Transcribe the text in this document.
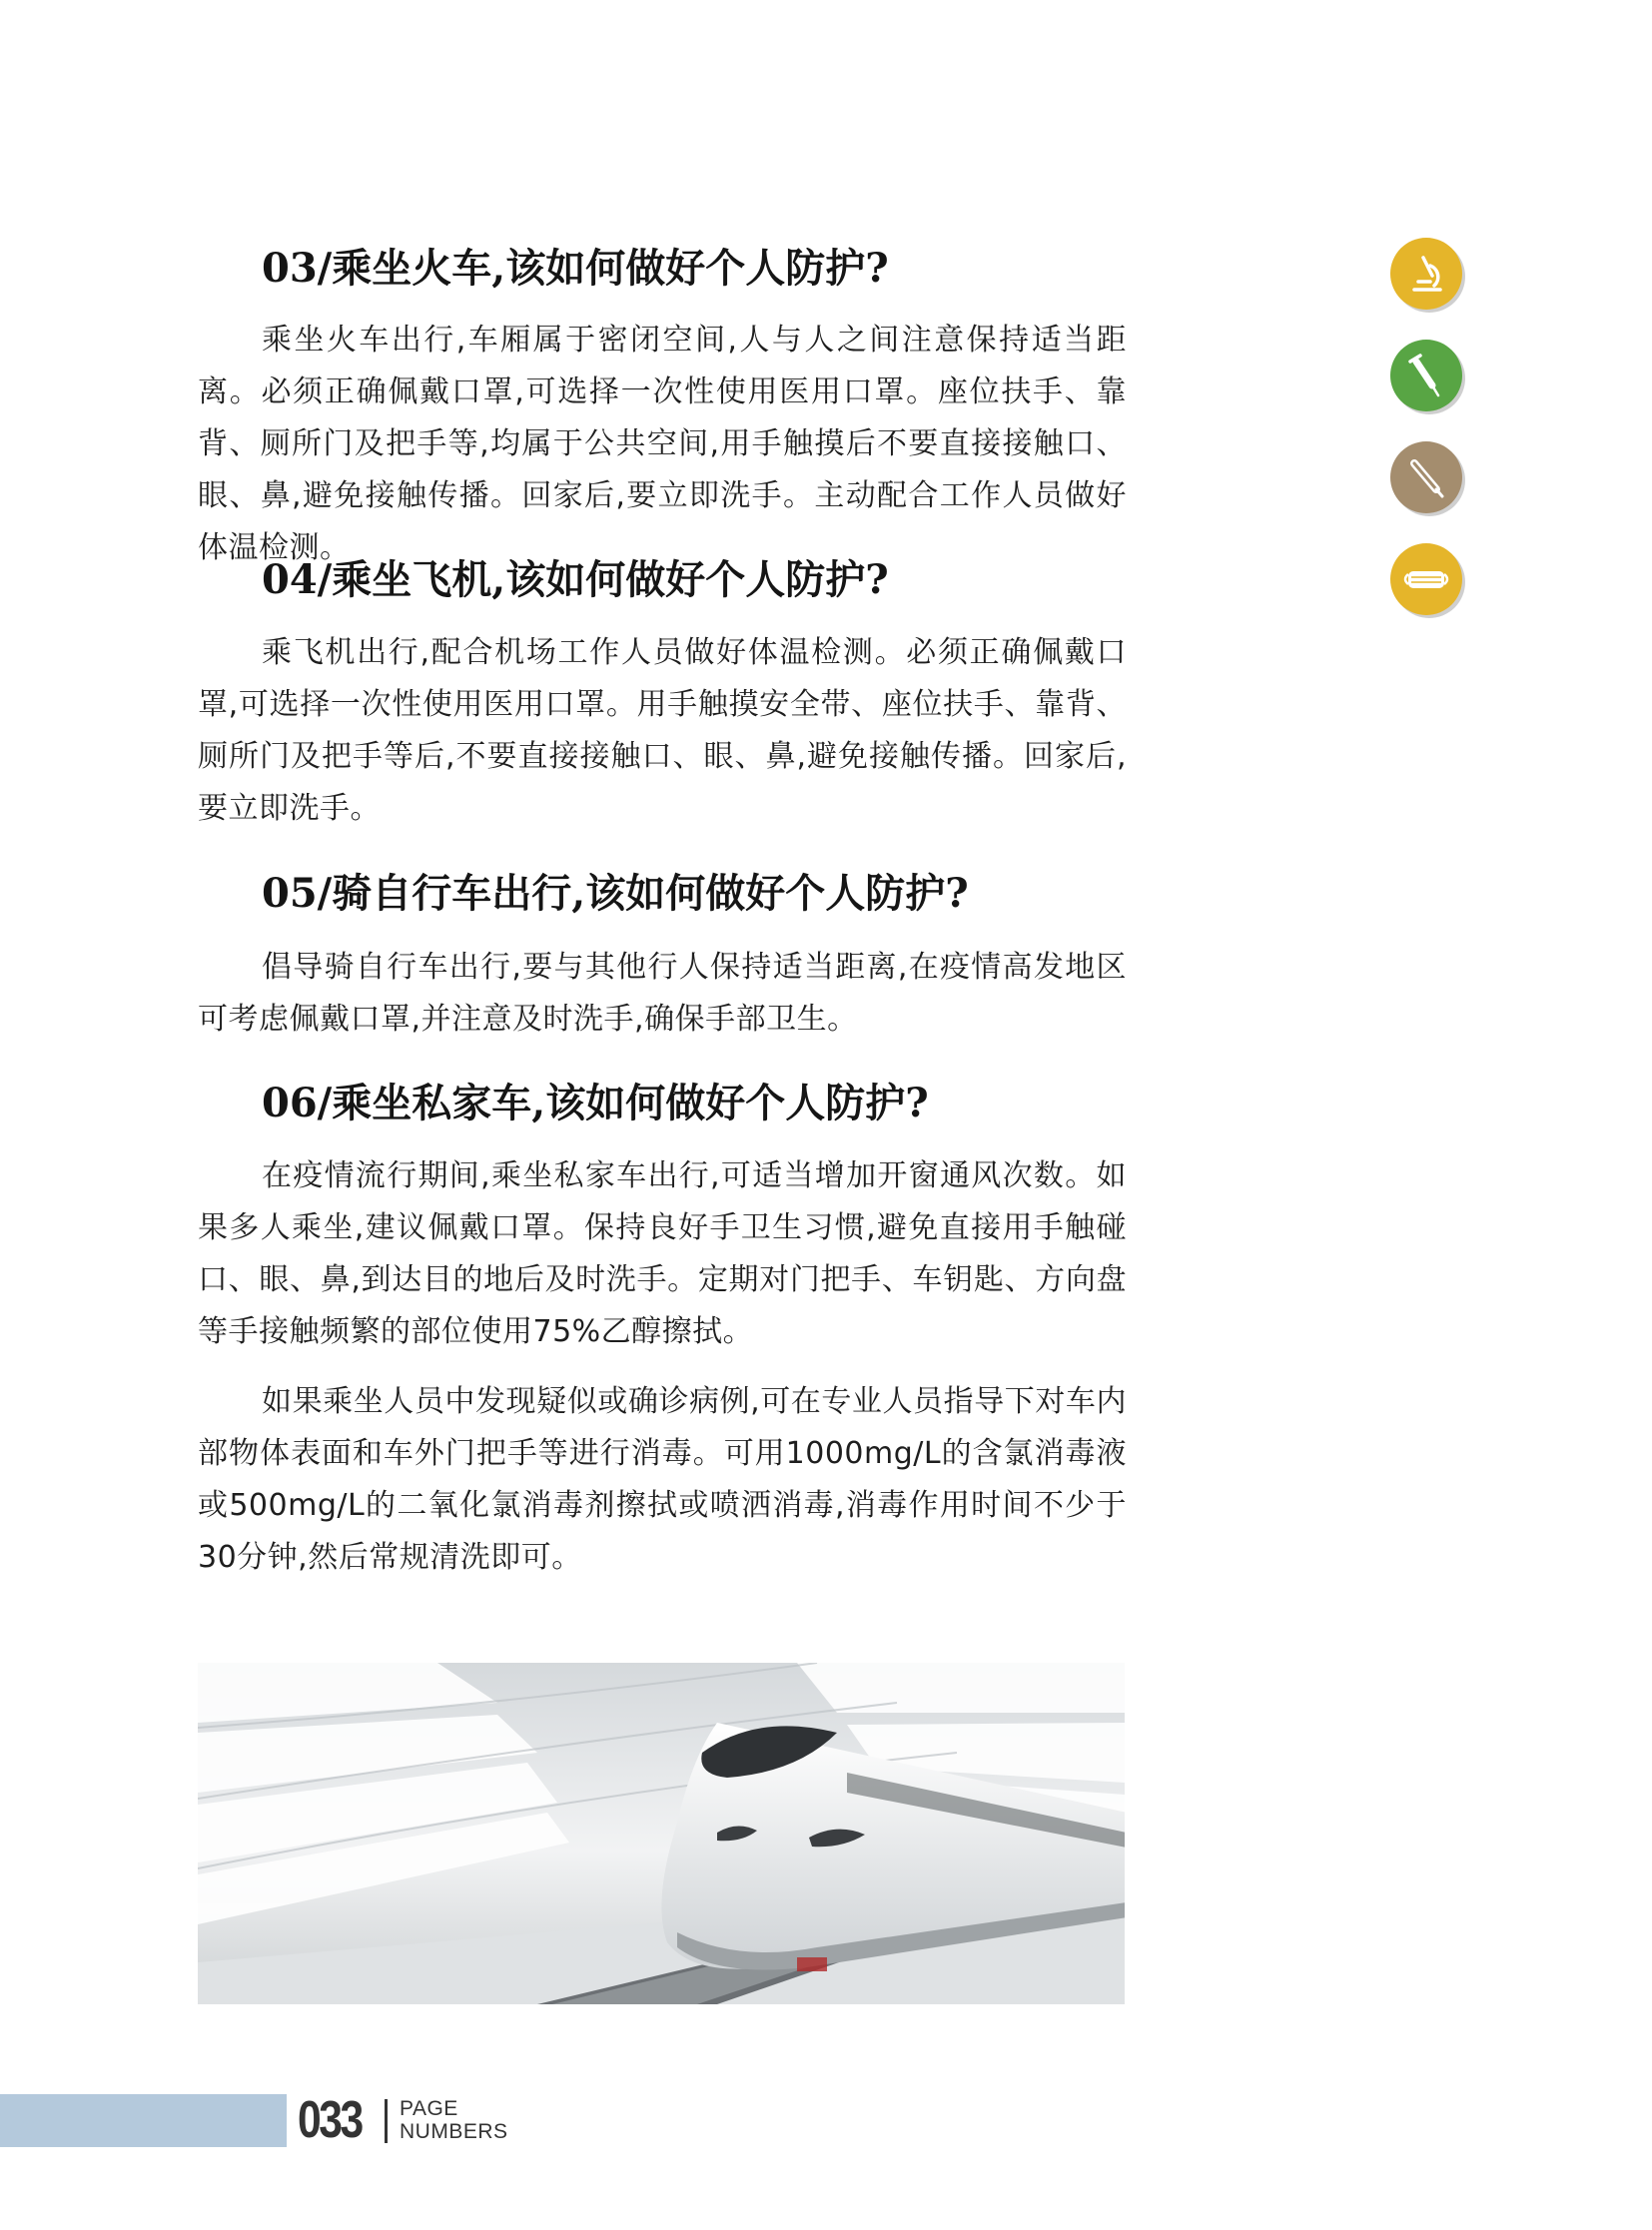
03/乘坐火车,该如何做好个人防护?
乘坐火车出行,车厢属于密闭空间,人与人之间注意保持适当距离。必须正确佩戴口罩,可选择一次性使用医用口罩。座位扶手、靠背、厕所门及把手等,均属于公共空间,用手触摸后不要直接接触口、眼、鼻,避免接触传播。回家后,要立即洗手。主动配合工作人员做好体温检测。
04/乘坐飞机,该如何做好个人防护?
乘飞机出行,配合机场工作人员做好体温检测。必须正确佩戴口罩,可选择一次性使用医用口罩。用手触摸安全带、座位扶手、靠背、厕所门及把手等后,不要直接接触口、眼、鼻,避免接触传播。回家后,要立即洗手。
05/骑自行车出行,该如何做好个人防护?
倡导骑自行车出行,要与其他行人保持适当距离,在疫情高发地区可考虑佩戴口罩,并注意及时洗手,确保手部卫生。
06/乘坐私家车,该如何做好个人防护?
在疫情流行期间,乘坐私家车出行,可适当增加开窗通风次数。如果多人乘坐,建议佩戴口罩。保持良好手卫生习惯,避免直接用手触碰口、眼、鼻,到达目的地后及时洗手。定期对门把手、车钥匙、方向盘等手接触频繁的部位使用75%乙醇擦拭。
如果乘坐人员中发现疑似或确诊病例,可在专业人员指导下对车内部物体表面和车外门把手等进行消毒。可用1000mg/L的含氯消毒液或500mg/L的二氧化氯消毒剂擦拭或喷洒消毒,消毒作用时间不少于30分钟,然后常规清洗即可。
033 PAGE
NUMBERS
